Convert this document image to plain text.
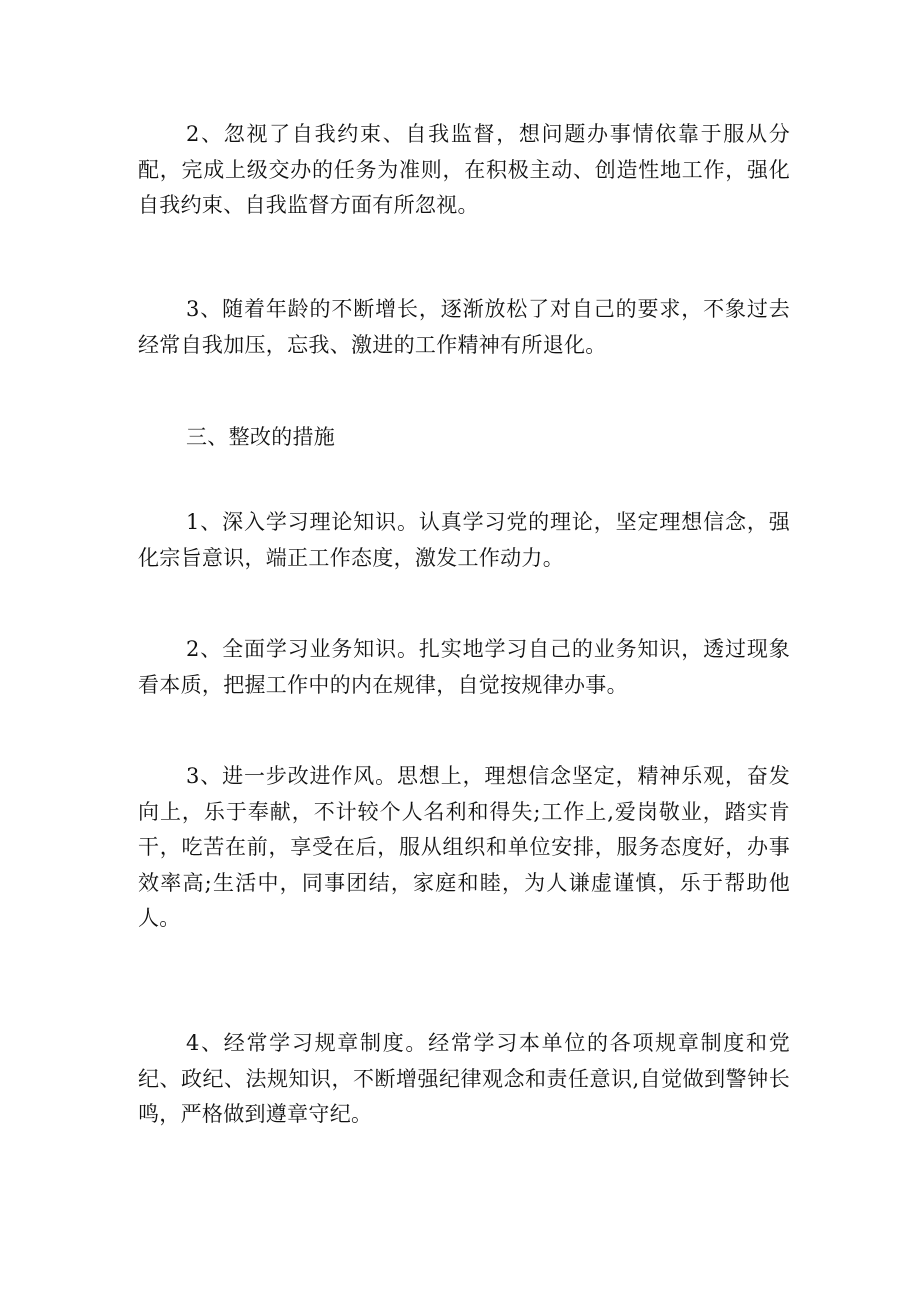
2、忽视了自我约束、自我监督，想问题办事情依靠于服从分配，完成上级交办的任务为准则，在积极主动、创造性地工作，强化自我约束、自我监督方面有所忽视。

3、随着年龄的不断增长，逐渐放松了对自己的要求，不象过去经常自我加压，忘我、激进的工作精神有所退化。

三、整改的措施

1、深入学习理论知识。认真学习党的理论，坚定理想信念，强化宗旨意识，端正工作态度，激发工作动力。

2、全面学习业务知识。扎实地学习自己的业务知识，透过现象看本质，把握工作中的内在规律，自觉按规律办事。

3、进一步改进作风。思想上，理想信念坚定，精神乐观，奋发向上，乐于奉献，不计较个人名利和得失;工作上,爱岗敬业，踏实肯干，吃苦在前，享受在后，服从组织和单位安排，服务态度好，办事效率高;生活中，同事团结，家庭和睦，为人谦虚谨慎，乐于帮助他人。

4、经常学习规章制度。经常学习本单位的各项规章制度和党纪、政纪、法规知识，不断增强纪律观念和责任意识,自觉做到警钟长鸣，严格做到遵章守纪。
